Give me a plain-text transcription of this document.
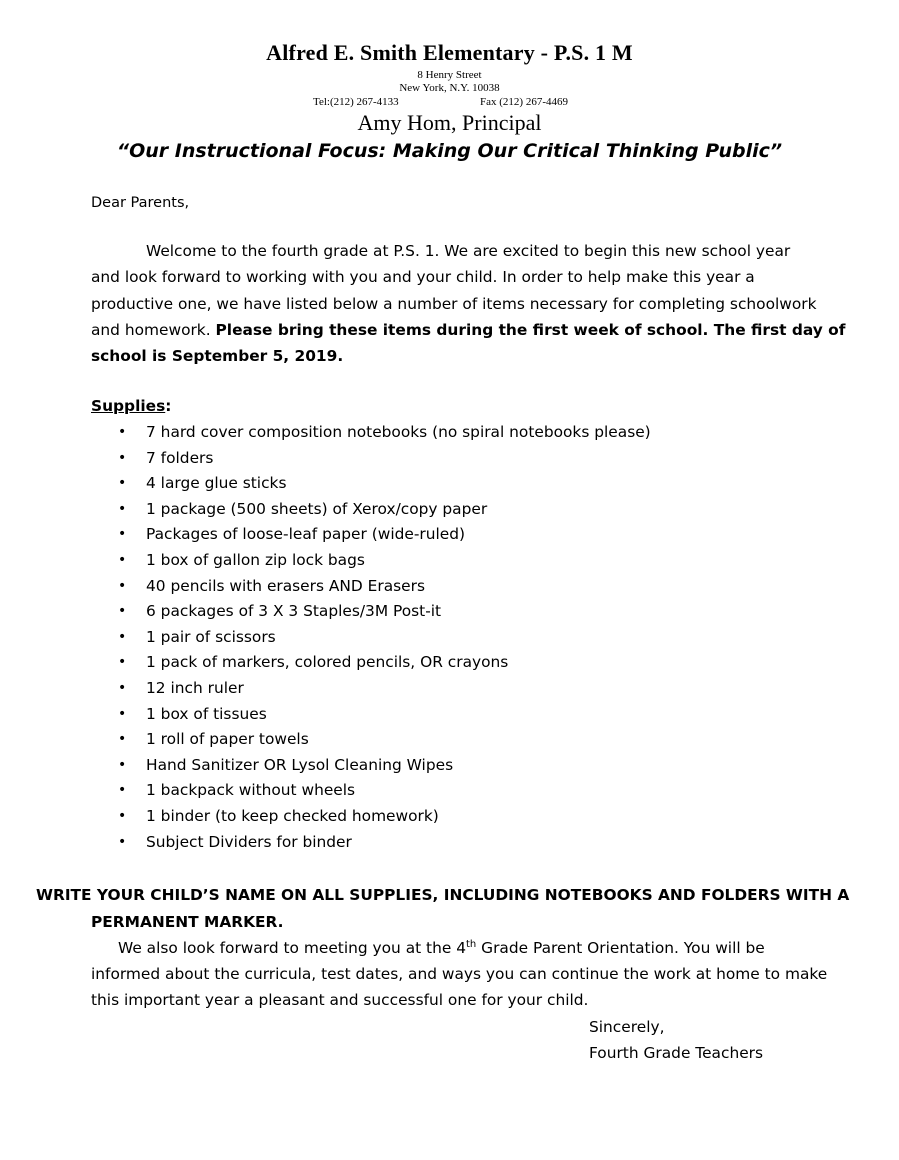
Alfred E. Smith Elementary - P.S. 1 M
8 Henry Street
New York, N.Y. 10038
Tel:(212) 267-4133	Fax (212) 267-4469
Amy Hom, Principal
“Our Instructional Focus: Making Our Critical Thinking Public”
Dear Parents,
Welcome to the fourth grade at P.S. 1. We are excited to begin this new school year
and look forward to working with you and your child. In order to help make this year a
productive one, we have listed below a number of items necessary for completing schoolwork
and homework. Please bring these items during the first week of school. The first day of
school is September 5, 2019.
Supplies:
• 7 hard cover composition notebooks (no spiral notebooks please)
• 7 folders
• 4 large glue sticks
• 1 package (500 sheets) of Xerox/copy paper
• Packages of loose-leaf paper (wide-ruled)
• 1 box of gallon zip lock bags
• 40 pencils with erasers AND Erasers
• 6 packages of 3 X 3 Staples/3M Post-it
• 1 pair of scissors
• 1 pack of markers, colored pencils, OR crayons
• 12 inch ruler
• 1 box of tissues
• 1 roll of paper towels
• Hand Sanitizer OR Lysol Cleaning Wipes
• 1 backpack without wheels
• 1 binder (to keep checked homework)
• Subject Dividers for binder
WRITE YOUR CHILD’S NAME ON ALL SUPPLIES, INCLUDING NOTEBOOKS AND FOLDERS WITH A
PERMANENT MARKER.
We also look forward to meeting you at the 4th Grade Parent Orientation. You will be
informed about the curricula, test dates, and ways you can continue the work at home to make
this important year a pleasant and successful one for your child.
Sincerely,
Fourth Grade Teachers
